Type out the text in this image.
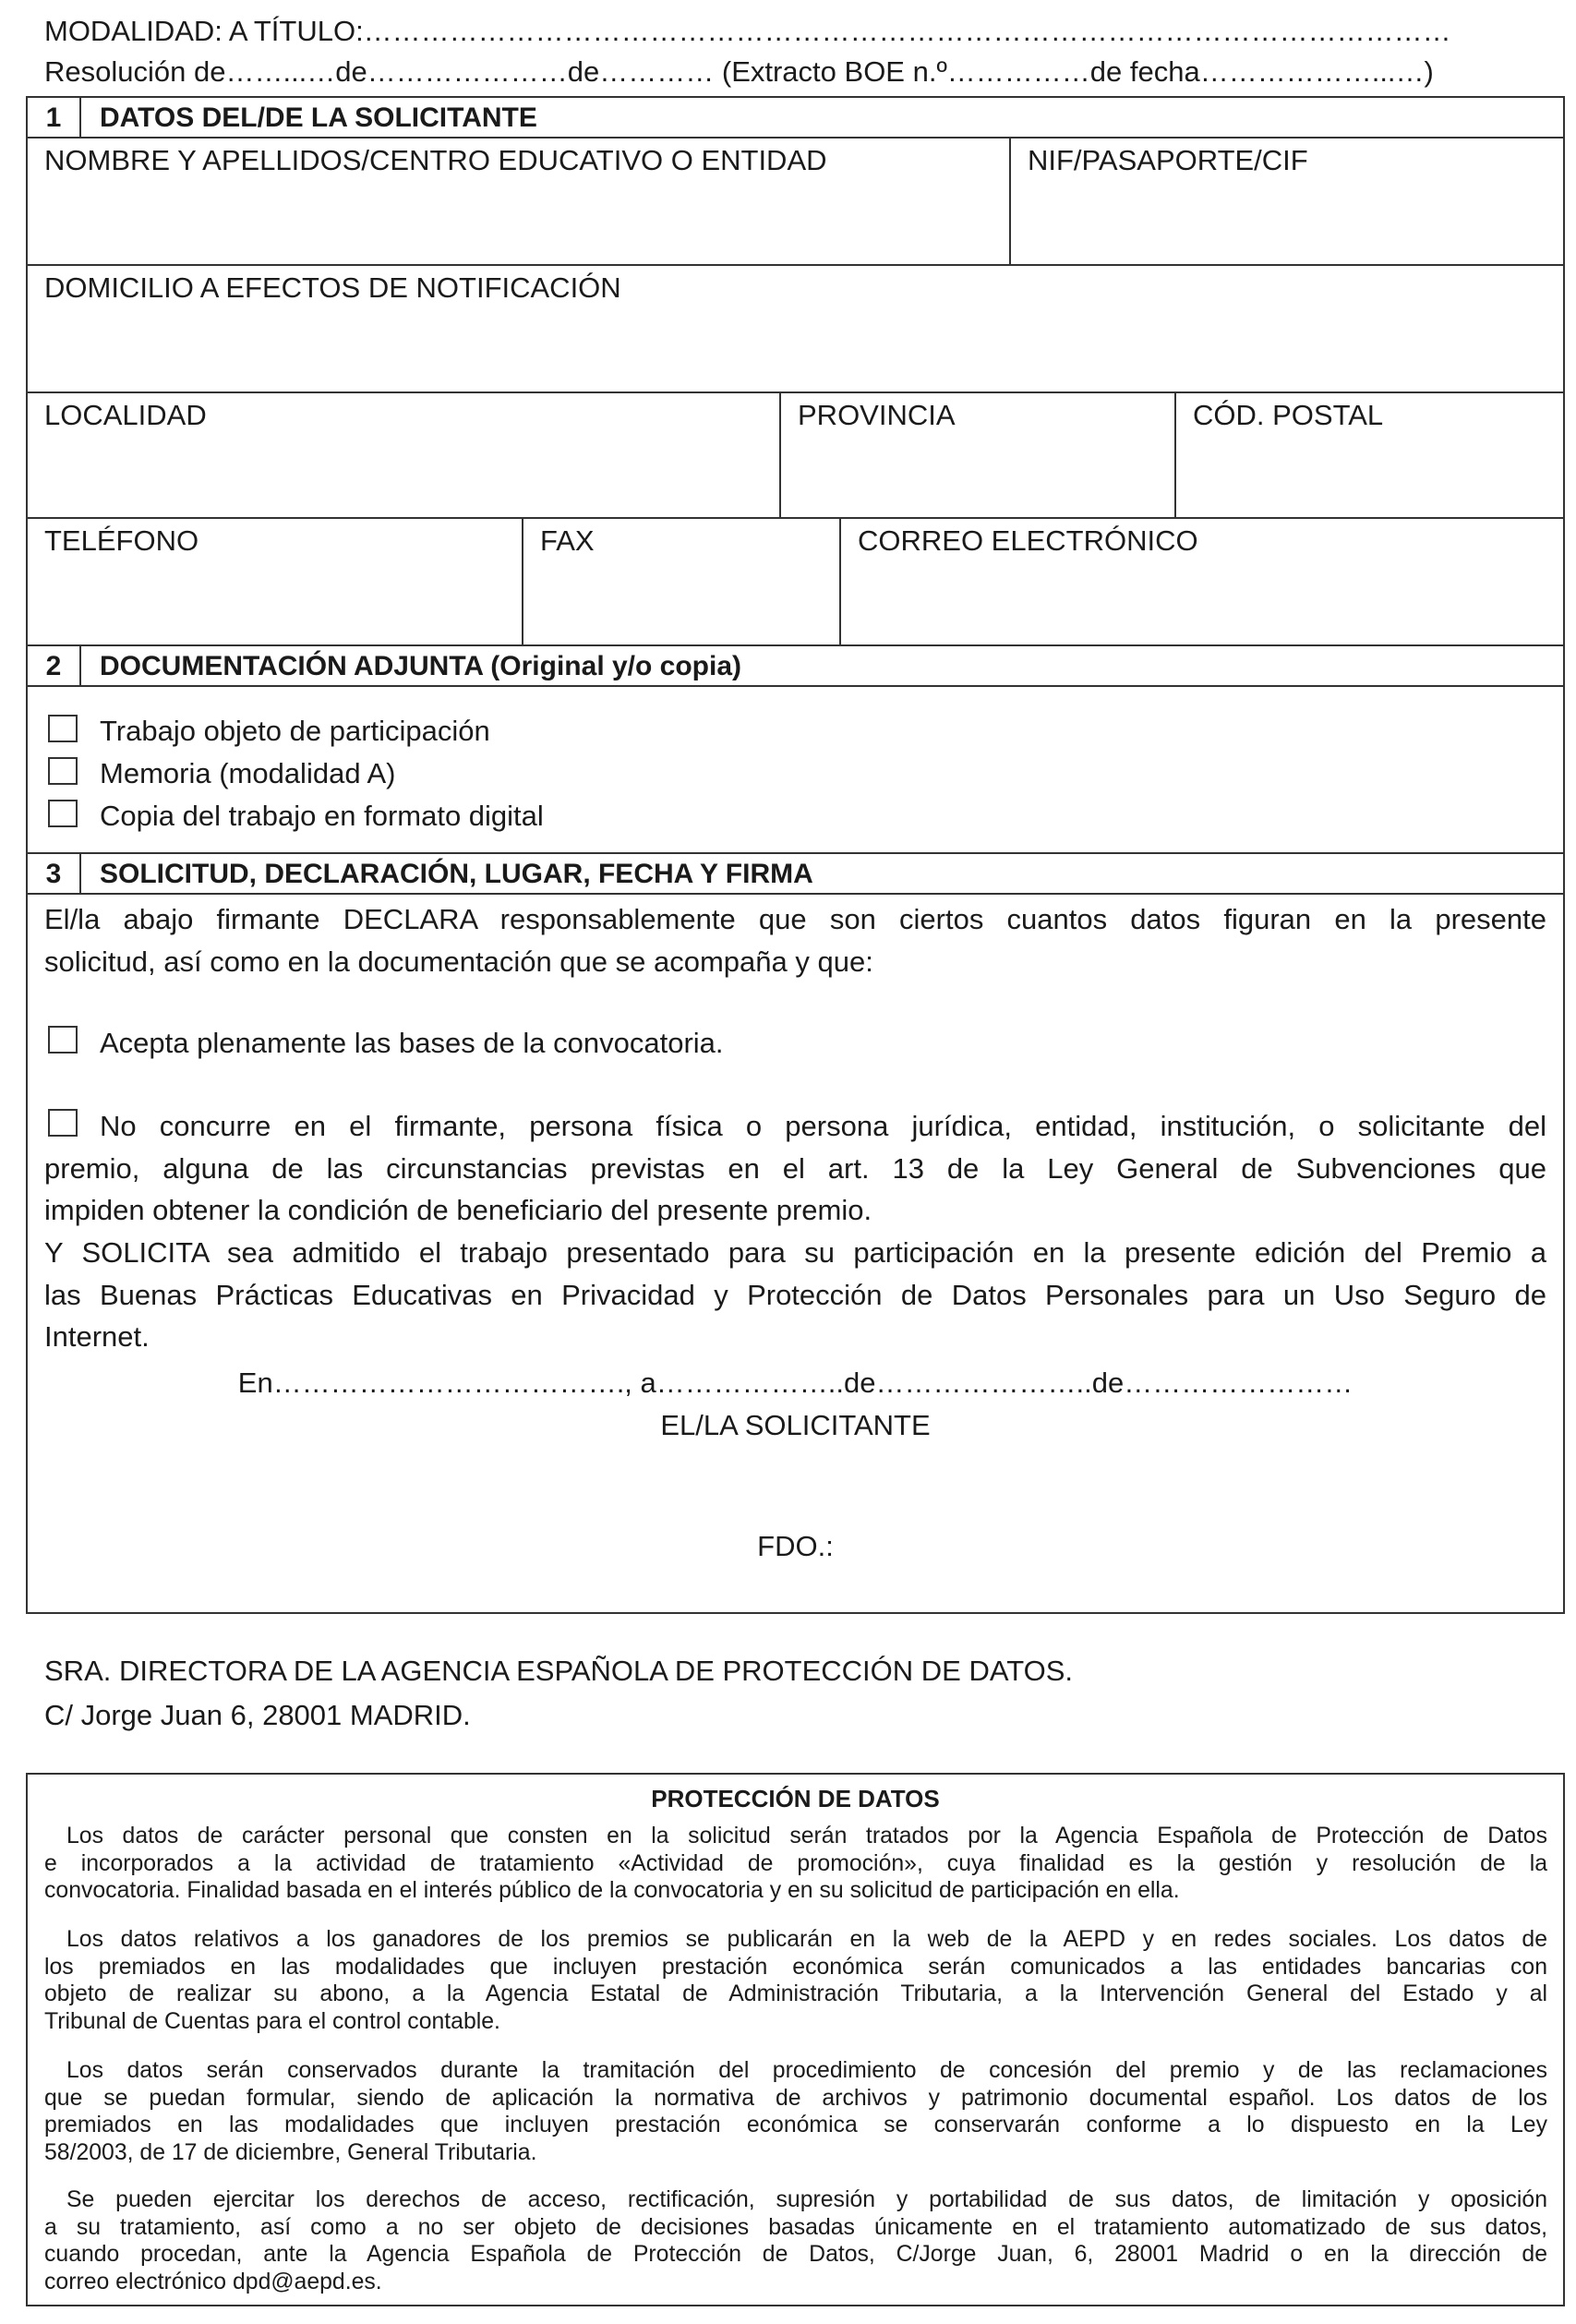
MODALIDAD: A TÍTULO:……………………………………………………………………………………………………
Resolución de……...…de…………………de………… (Extracto BOE n.º……………de fecha………………...…)
1	DATOS DEL/DE LA SOLICITANTE
NOMBRE Y APELLIDOS/CENTRO EDUCATIVO O ENTIDAD	NIF/PASAPORTE/CIF
DOMICILIO A EFECTOS DE NOTIFICACIÓN
LOCALIDAD	PROVINCIA	CÓD. POSTAL
TELÉFONO	FAX	CORREO ELECTRÓNICO
2	DOCUMENTACIÓN ADJUNTA (Original y/o copia)
Trabajo objeto de participación
Memoria (modalidad A)
Copia del trabajo en formato digital
3	SOLICITUD, DECLARACIÓN, LUGAR, FECHA Y FIRMA
El/la abajo firmante DECLARA responsablemente que son ciertos cuantos datos figuran en la presente
solicitud, así como en la documentación que se acompaña y que:
Acepta plenamente las bases de la convocatoria.
No concurre en el firmante, persona física o persona jurídica, entidad, institución, o solicitante del
premio, alguna de las circunstancias previstas en el art. 13 de la Ley General de Subvenciones que
impiden obtener la condición de beneficiario del presente premio.
Y SOLICITA sea admitido el trabajo presentado para su participación en la presente edición del Premio a
las Buenas Prácticas Educativas en Privacidad y Protección de Datos Personales para un Uso Seguro de
Internet.
En………………………………., a………………..de…………………..de……………………
EL/LA SOLICITANTE
FDO.:
SRA. DIRECTORA DE LA AGENCIA ESPAÑOLA DE PROTECCIÓN DE DATOS.
C/ Jorge Juan 6, 28001 MADRID.
PROTECCIÓN DE DATOS
Los datos de carácter personal que consten en la solicitud serán tratados por la Agencia Española de Protección de Datos
e incorporados a la actividad de tratamiento «Actividad de promoción», cuya finalidad es la gestión y resolución de la
convocatoria. Finalidad basada en el interés público de la convocatoria y en su solicitud de participación en ella.
Los datos relativos a los ganadores de los premios se publicarán en la web de la AEPD y en redes sociales. Los datos de
los premiados en las modalidades que incluyen prestación económica serán comunicados a las entidades bancarias con
objeto de realizar su abono, a la Agencia Estatal de Administración Tributaria, a la Intervención General del Estado y al
Tribunal de Cuentas para el control contable.
Los datos serán conservados durante la tramitación del procedimiento de concesión del premio y de las reclamaciones
que se puedan formular, siendo de aplicación la normativa de archivos y patrimonio documental español. Los datos de los
premiados en las modalidades que incluyen prestación económica se conservarán conforme a lo dispuesto en la Ley
58/2003, de 17 de diciembre, General Tributaria.
Se pueden ejercitar los derechos de acceso, rectificación, supresión y portabilidad de sus datos, de limitación y oposición
a su tratamiento, así como a no ser objeto de decisiones basadas únicamente en el tratamiento automatizado de sus datos,
cuando procedan, ante la Agencia Española de Protección de Datos, C/Jorge Juan, 6, 28001 Madrid o en la dirección de
correo electrónico dpd@aepd.es.
